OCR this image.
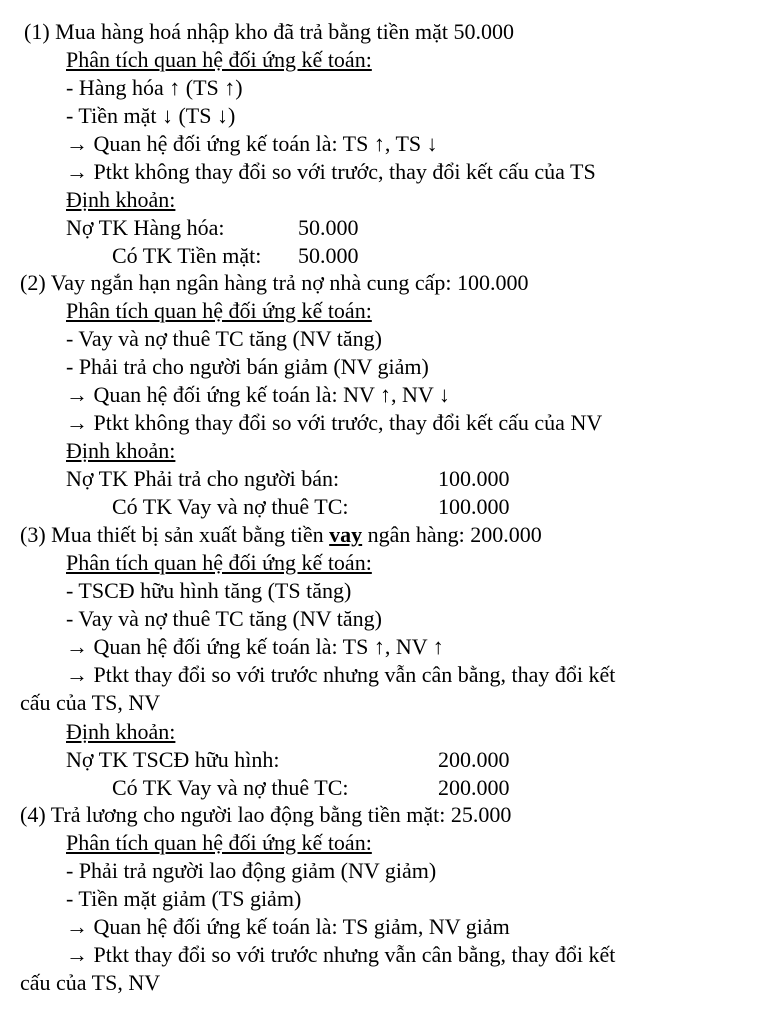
(1) Mua hàng hoá nhập kho đã trả bằng tiền mặt 50.000
Phân tích quan hệ đối ứng kế toán:
- Hàng hóa ↑ (TS ↑)
- Tiền mặt ↓ (TS ↓)
→ Quan hệ đối ứng kế toán là: TS ↑, TS ↓
→ Ptkt không thay đổi so với trước, thay đổi kết cấu của TS
Định khoản:
Nợ TK Hàng hóa:	50.000
Có TK Tiền mặt: 50.000
(2) Vay ngắn hạn ngân hàng trả nợ nhà cung cấp: 100.000
Phân tích quan hệ đối ứng kế toán:
- Vay và nợ thuê TC tăng (NV tăng)
- Phải trả cho người bán giảm (NV giảm)
→ Quan hệ đối ứng kế toán là: NV ↑, NV ↓
→ Ptkt không thay đổi so với trước, thay đổi kết cấu của NV
Định khoản:
Nợ TK Phải trả cho người bán:	100.000
Có TK Vay và nợ thuê TC:	100.000
(3) Mua thiết bị sản xuất bằng tiền vay ngân hàng: 200.000
Phân tích quan hệ đối ứng kế toán:
- TSCĐ hữu hình tăng (TS tăng)
- Vay và nợ thuê TC tăng (NV tăng)
→ Quan hệ đối ứng kế toán là: TS ↑, NV ↑
→ Ptkt thay đổi so với trước nhưng vẫn cân bằng, thay đổi kết
cấu của TS, NV
Định khoản:
Nợ TK TSCĐ hữu hình:	200.000
Có TK Vay và nợ thuê TC:	200.000
(4) Trả lương cho người lao động bằng tiền mặt: 25.000
Phân tích quan hệ đối ứng kế toán:
- Phải trả người lao động giảm (NV giảm)
- Tiền mặt giảm (TS giảm)
→ Quan hệ đối ứng kế toán là: TS giảm, NV giảm
→ Ptkt thay đổi so với trước nhưng vẫn cân bằng, thay đổi kết
cấu của TS, NV
